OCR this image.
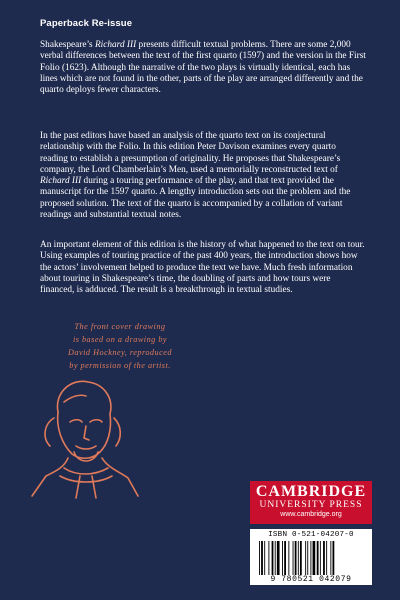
Paperback Re-issue

Shakespeare’s Richard III presents difficult textual problems. There are some 2,000 verbal differences between the text of the first quarto (1597) and the version in the First Folio (1623). Although the narrative of the two plays is virtually identical, each has lines which are not found in the other, parts of the play are arranged differently and the quarto deploys fewer characters.

In the past editors have based an analysis of the quarto text on its conjectural relationship with the Folio. In this edition Peter Davison examines every quarto reading to establish a presumption of originality. He proposes that Shakespeare’s company, the Lord Chamberlain’s Men, used a memorially reconstructed text of Richard III during a touring performance of the play, and that text provided the manuscript for the 1597 quarto. A lengthy introduction sets out the problem and the proposed solution. The text of the quarto is accompanied by a collation of variant readings and substantial textual notes.

An important element of this edition is the history of what happened to the text on tour. Using examples of touring practice of the past 400 years, the introduction shows how the actors’ involvement helped to produce the text we have. Much fresh information about touring in Shakespeare’s time, the doubling of parts and how tours were financed, is adduced. The result is a breakthrough in textual studies.

The front cover drawing

is based on a drawing by

David Hockney, reproduced

by permission of the artist.

CAMBRIDGE
UNIVERSITY PRESS
www.cambridge.org
ISBN 0-521-04207-0
9 780521 042079
